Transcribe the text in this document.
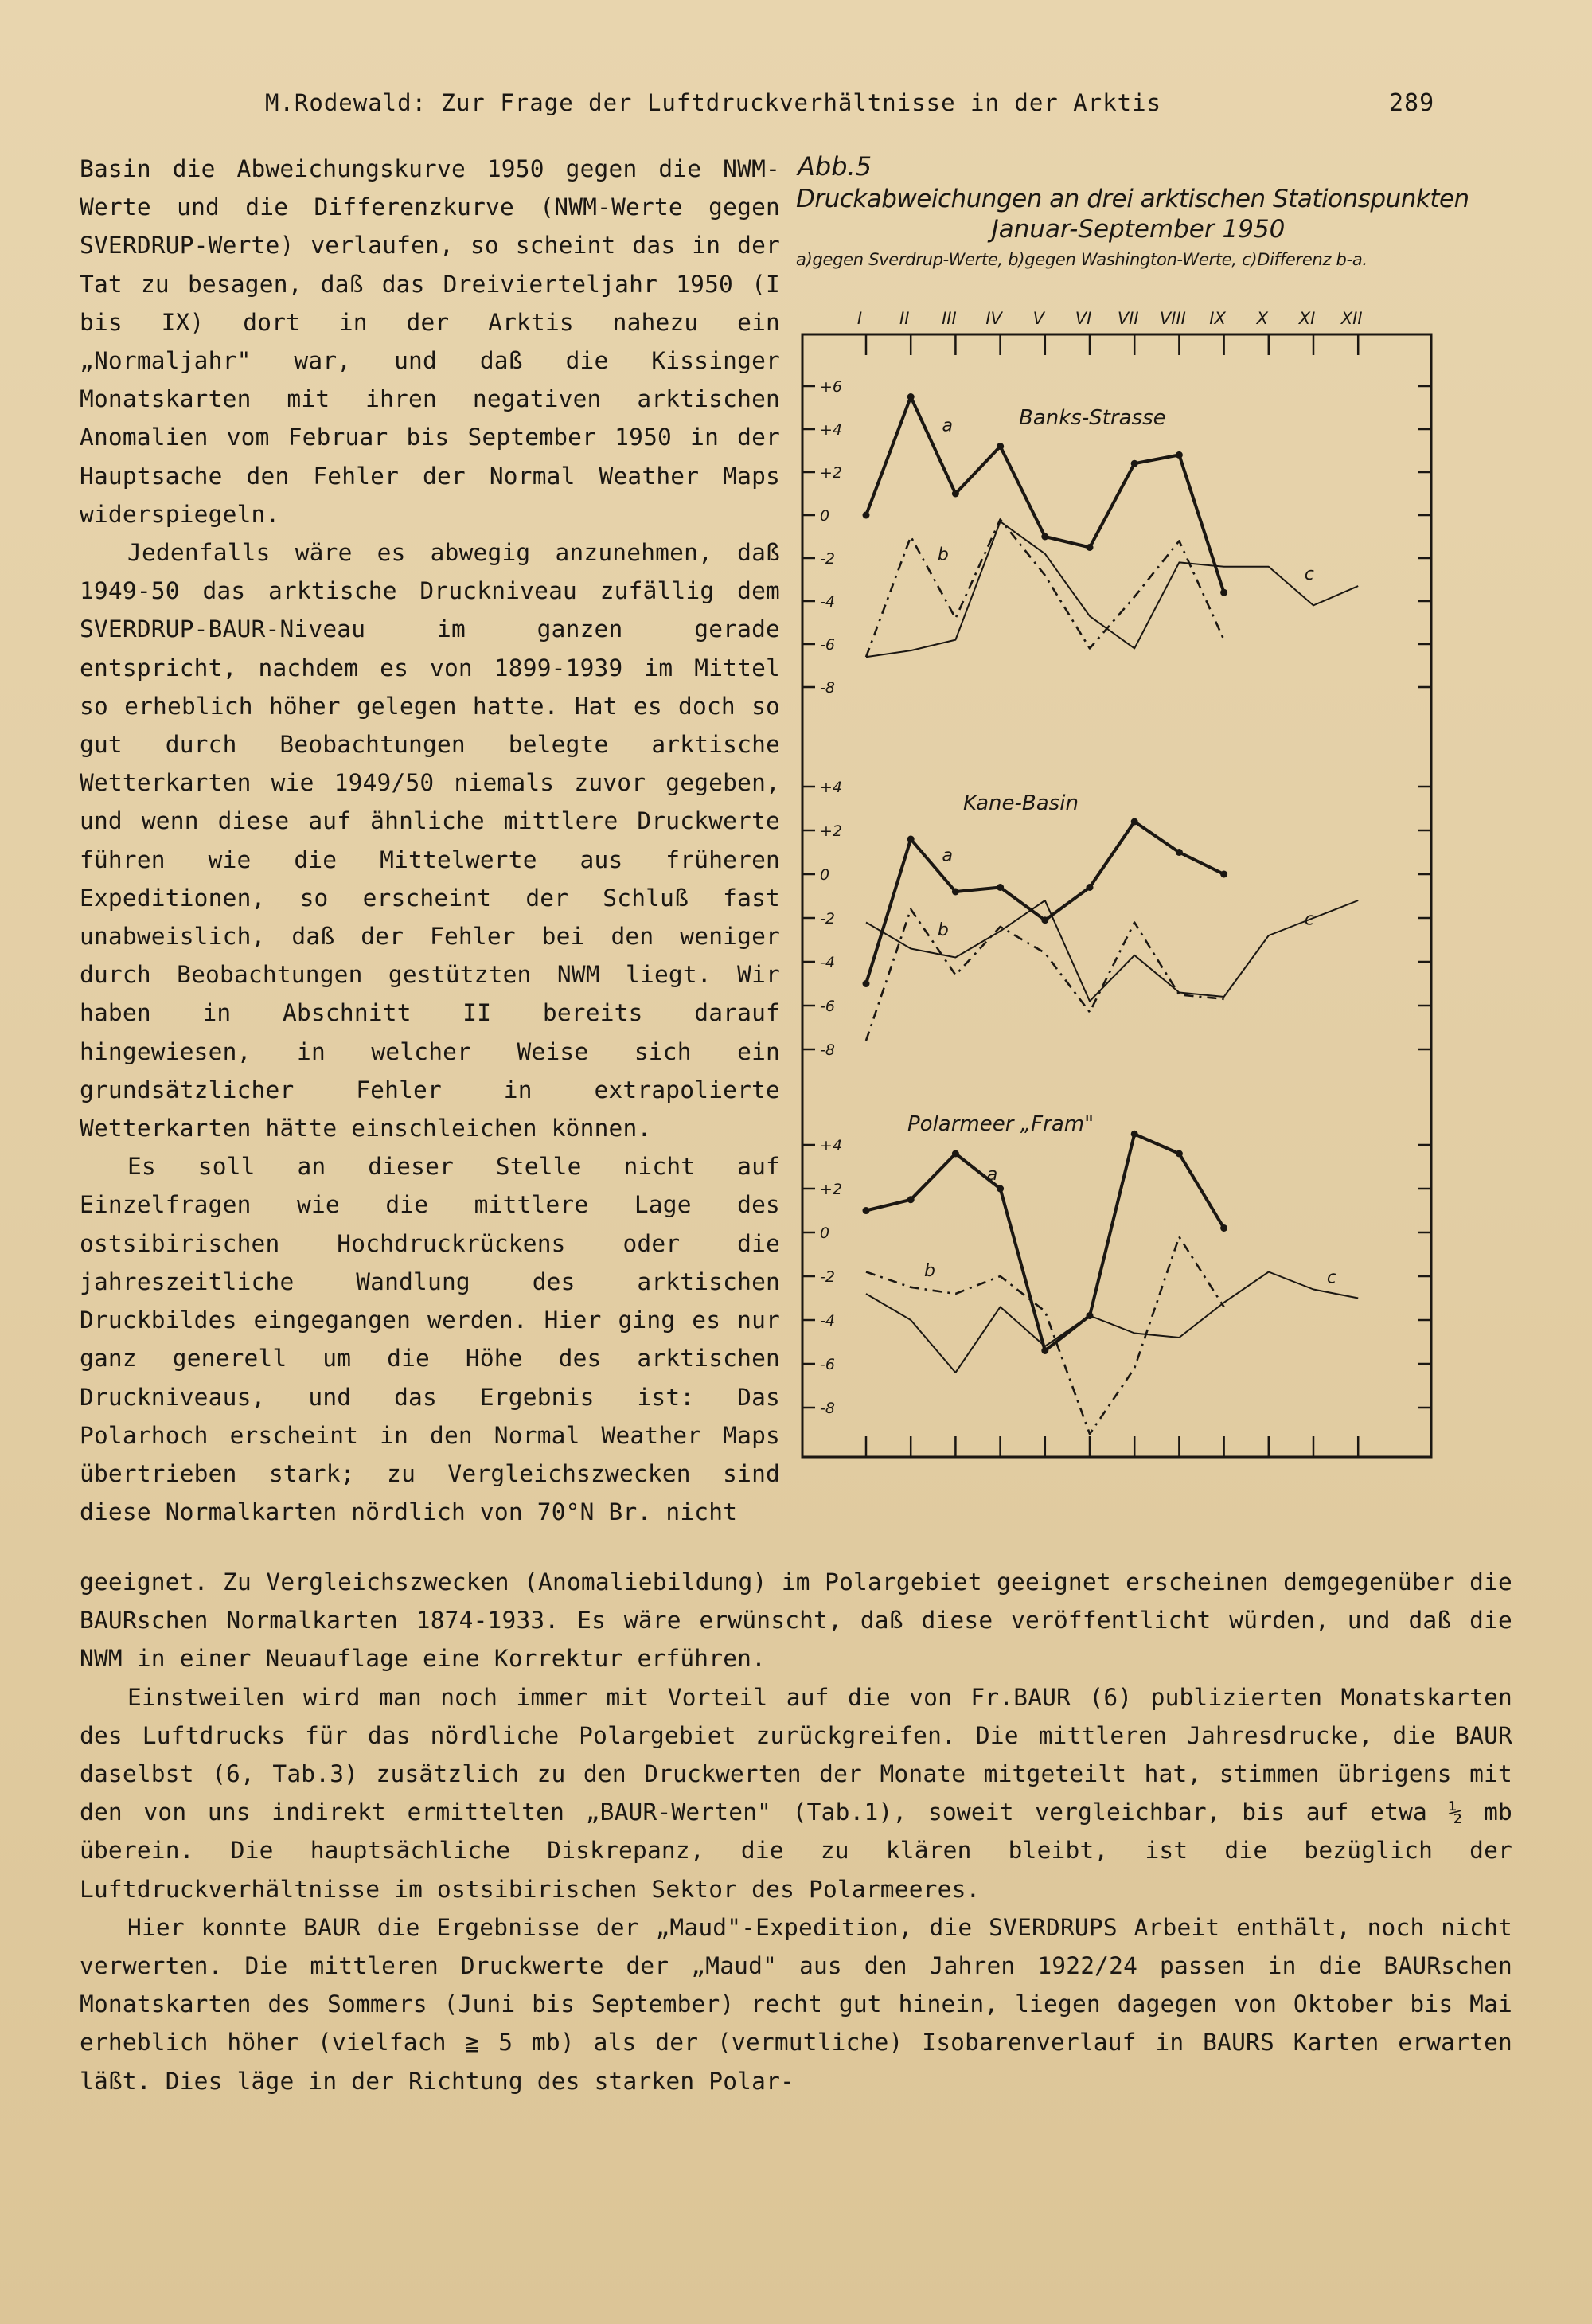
M.Rodewald: Zur Frage der Luftdruckverhältnisse in der Arktis	289

Basin die Abweichungskurve 1950 gegen die NWM-Werte und die Differenzkurve (NWM-Werte gegen SVERDRUP-Werte) verlaufen, so scheint das in der Tat zu besagen, daß das Dreivierteljahr 1950 (I bis IX) dort in der Arktis nahezu ein „Normaljahr" war, und daß die Kissinger Monatskarten mit ihren negativen arktischen Anomalien vom Februar bis September 1950 in der Hauptsache den Fehler der Normal Weather Maps widerspiegeln.

Jedenfalls wäre es abwegig anzunehmen, daß 1949-50 das arktische Druckniveau zufällig dem SVERDRUP-BAUR-Niveau im ganzen gerade entspricht, nachdem es von 1899-1939 im Mittel so erheblich höher gelegen hatte. Hat es doch so gut durch Beobachtungen belegte arktische Wetterkarten wie 1949/50 niemals zuvor gegeben, und wenn diese auf ähnliche mittlere Druckwerte führen wie die Mittelwerte aus früheren Expeditionen, so erscheint der Schluß fast unabweislich, daß der Fehler bei den weniger durch Beobachtungen gestützten NWM liegt. Wir haben in Abschnitt II bereits darauf hingewiesen, in welcher Weise sich ein grundsätzlicher Fehler in extrapolierte Wetterkarten hätte einschleichen können.

Es soll an dieser Stelle nicht auf Einzelfragen wie die mittlere Lage des ostsibirischen Hochdruckrückens oder die jahreszeitliche Wandlung des arktischen Druckbildes eingegangen werden. Hier ging es nur ganz generell um die Höhe des arktischen Druckniveaus, und das Ergebnis ist: Das Polarhoch erscheint in den Normal Weather Maps übertrieben stark; zu Vergleichszwecken sind diese Normalkarten nördlich von 70°N Br. nicht

Abb.5
Druckabweichungen an drei arktischen Stationspunkten
Januar-September 1950
a)gegen Sverdrup-Werte, b)gegen Washington-Werte, c)Differenz b-a.
I II III IV V VI VII VIII IX X XI XII
Banks-Strasse
+6
+4
+2
0
-2
-4
-6
-8
a
b
c
Kane-Basin
+4
+2
0
-2
-4
-6
-8
a
b
c
Polarmeer „Fram"
+4
+2
0
-2
-4
-6
-8
a
b	c

geeignet. Zu Vergleichszwecken (Anomaliebildung) im Polargebiet geeignet erscheinen demgegenüber die BAURschen Normalkarten 1874-1933. Es wäre erwünscht, daß diese veröffentlicht würden, und daß die NWM in einer Neuauflage eine Korrektur erführen.

Einstweilen wird man noch immer mit Vorteil auf die von Fr.BAUR (6) publizierten Monatskarten des Luftdrucks für das nördliche Polargebiet zurückgreifen. Die mittleren Jahresdrucke, die BAUR daselbst (6, Tab.3) zusätzlich zu den Druckwerten der Monate mitgeteilt hat, stimmen übrigens mit den von uns indirekt ermittelten „BAUR-Werten" (Tab.1), soweit vergleichbar, bis auf etwa ½ mb überein. Die hauptsächliche Diskrepanz, die zu klären bleibt, ist die bezüglich der Luftdruckverhältnisse im ostsibirischen Sektor des Polarmeeres.

Hier konnte BAUR die Ergebnisse der „Maud"-Expedition, die SVERDRUPS Arbeit enthält, noch nicht verwerten. Die mittleren Druckwerte der „Maud" aus den Jahren 1922/24 passen in die BAURschen Monatskarten des Sommers (Juni bis September) recht gut hinein, liegen dagegen von Oktober bis Mai erheblich höher (vielfach ≧ 5 mb) als der (vermutliche) Isobarenverlauf in BAURS Karten erwarten läßt. Dies läge in der Richtung des starken Polar-
